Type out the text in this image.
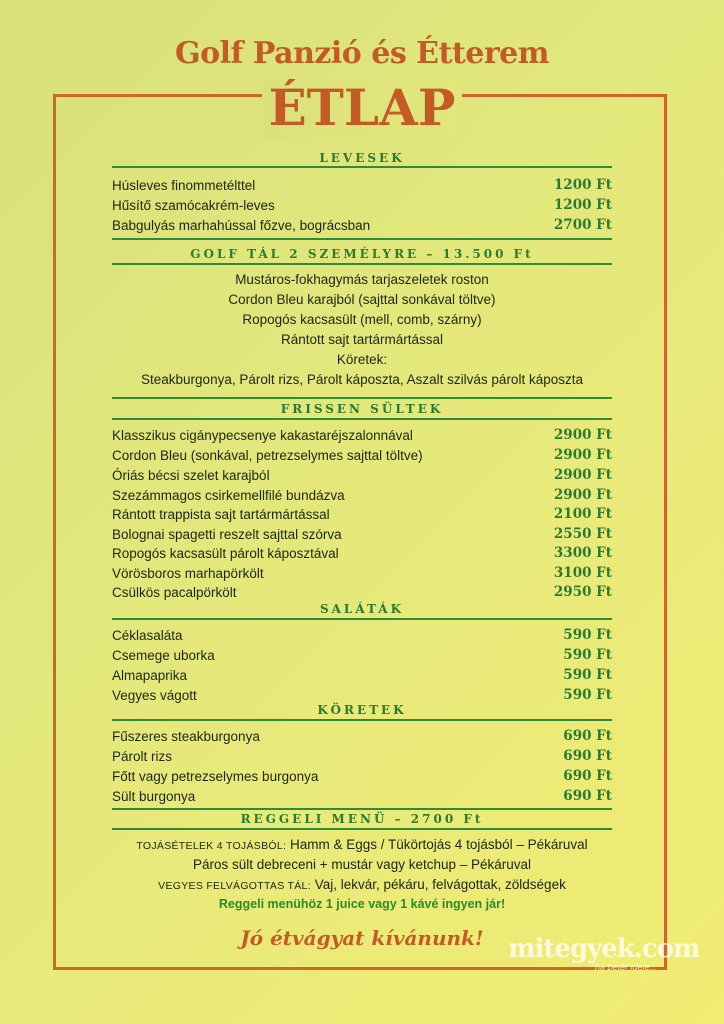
Golf Panzió és Étterem
ÉTLAP
LEVESEK
Húsleves finommetélttel	1200 Ft
Hűsítő szamócakrém-leves	1200 Ft
Babgulyás marhahússal főzve, bográcsban	2700 Ft
GOLF TÁL 2 SZEMÉLYRE – 13.500 Ft
Mustáros-fokhagymás tarjaszeletek roston
Cordon Bleu karajból (sajttal sonkával töltve)
Ropogós kacsasült (mell, comb, szárny)
Rántott sajt tartármártással
Köretek:
Steakburgonya, Párolt rizs, Párolt káposzta, Aszalt szilvás párolt káposzta
FRISSEN SÜLTEK
Klasszikus cigánypecsenye kakastaréjszalonnával	2900 Ft
Cordon Bleu (sonkával, petrezselymes sajttal töltve)	2900 Ft
Óriás bécsi szelet karajból	2900 Ft
Szezámmagos csirkemellfilé bundázva	2900 Ft
Rántott trappista sajt tartármártással	2100 Ft
Bolognai spagetti reszelt sajttal szórva	2550 Ft
Ropogós kacsasült párolt káposztával	3300 Ft
Vörösboros marhapörkölt	3100 Ft
Csülkös pacalpörkölt	2950 Ft
SALÁTÁK
Céklasaláta	590 Ft
Csemege uborka	590 Ft
Almapaprika	590 Ft
Vegyes vágott	590 Ft
KÖRETEK
Fűszeres steakburgonya	690 Ft
Párolt rizs	690 Ft
Főtt vagy petrezselymes burgonya	690 Ft
Sült burgonya	690 Ft
REGGELI MENÜ – 2700 Ft
TOJÁSÉTELEK 4 TOJÁSBÓL: Hamm & Eggs / Tükörtojás 4 tojásból – Pékáruval
Páros sült debreceni + mustár vagy ketchup – Pékáruval
VEGYES FELVÁGOTTAS TÁL: Vaj, lekvár, pékáru, felvágottak, zöldségek
Reggeli menühöz 1 juice vagy 1 kávé ingyen jár!
Jó étvágyat kívánunk! mitegyek.com
ha betér ideje...
